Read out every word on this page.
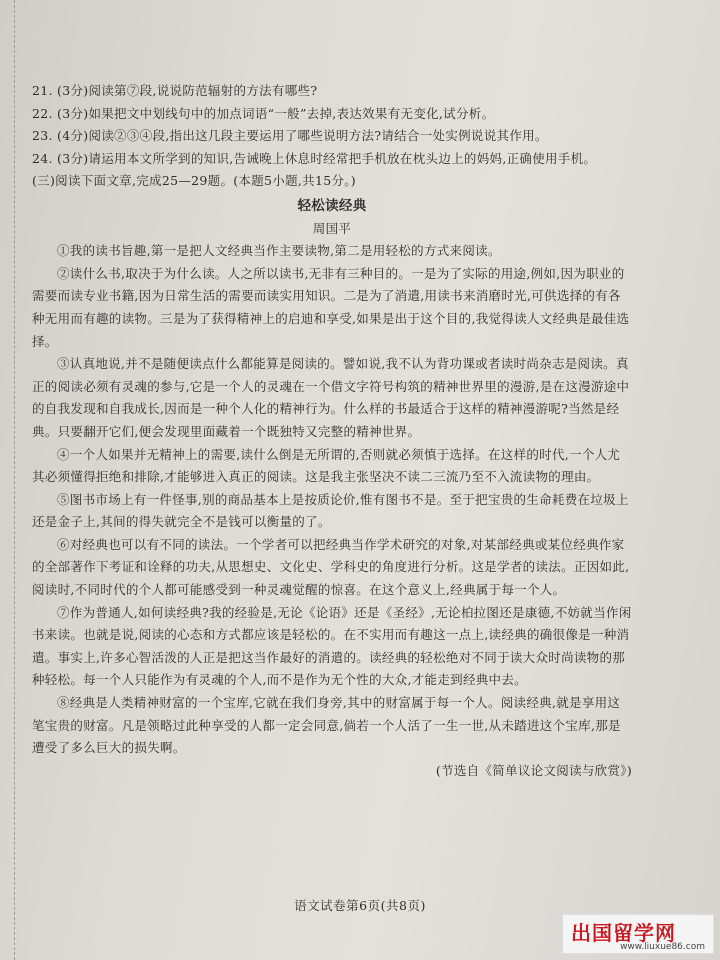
21. (3分)阅读第⑦段,说说防范辐射的方法有哪些?

22. (3分)如果把文中划线句中的加点词语“一般”去掉,表达效果有无变化,试分析。

23. (4分)阅读②③④段,指出这几段主要运用了哪些说明方法?请结合一处实例说说其作用。

24. (3分)请运用本文所学到的知识,告诫晚上休息时经常把手机放在枕头边上的妈妈,正确使用手机。

(三)阅读下面文章,完成25—29题。(本题5小题,共15分。)

轻松读经典

周国平

①我的读书旨趣,第一是把人文经典当作主要读物,第二是用轻松的方式来阅读。

②读什么书,取决于为什么读。人之所以读书,无非有三种目的。一是为了实际的用途,例如,因为职业的需要而读专业书籍,因为日常生活的需要而读实用知识。二是为了消遣,用读书来消磨时光,可供选择的有各种无用而有趣的读物。三是为了获得精神上的启迪和享受,如果是出于这个目的,我觉得读人文经典是最佳选择。

③认真地说,并不是随便读点什么都能算是阅读的。譬如说,我不认为背功课或者读时尚杂志是阅读。真正的阅读必须有灵魂的参与,它是一个人的灵魂在一个借文字符号构筑的精神世界里的漫游,是在这漫游途中的自我发现和自我成长,因而是一种个人化的精神行为。什么样的书最适合于这样的精神漫游呢?当然是经典。只要翻开它们,便会发现里面藏着一个既独特又完整的精神世界。

④一个人如果并无精神上的需要,读什么倒是无所谓的,否则就必须慎于选择。在这样的时代,一个人尤其必须懂得拒绝和排除,才能够进入真正的阅读。这是我主张坚决不读二三流乃至不入流读物的理由。

⑤图书市场上有一件怪事,别的商品基本上是按质论价,惟有图书不是。至于把宝贵的生命耗费在垃圾上还是金子上,其间的得失就完全不是钱可以衡量的了。

⑥对经典也可以有不同的读法。一个学者可以把经典当作学术研究的对象,对某部经典或某位经典作家的全部著作下考证和诠释的功夫,从思想史、文化史、学科史的角度进行分析。这是学者的读法。正因如此,阅读时,不同时代的个人都可能感受到一种灵魂觉醒的惊喜。在这个意义上,经典属于每一个人。

⑦作为普通人,如何读经典?我的经验是,无论《论语》还是《圣经》,无论柏拉图还是康德,不妨就当作闲书来读。也就是说,阅读的心态和方式都应该是轻松的。在不实用而有趣这一点上,读经典的确很像是一种消遣。事实上,许多心智活泼的人正是把这当作最好的消遣的。读经典的轻松绝对不同于读大众时尚读物的那种轻松。每一个人只能作为有灵魂的个人,而不是作为无个性的大众,才能走到经典中去。

⑧经典是人类精神财富的一个宝库,它就在我们身旁,其中的财富属于每一个人。阅读经典,就是享用这笔宝贵的财富。凡是领略过此种享受的人都一定会同意,倘若一个人活了一生一世,从未踏进这个宝库,那是遭受了多么巨大的损失啊。

(节选自《简单议论文阅读与欣赏》)

语文试卷第6页(共8页)
出国留学网
www.liuxue86.com
